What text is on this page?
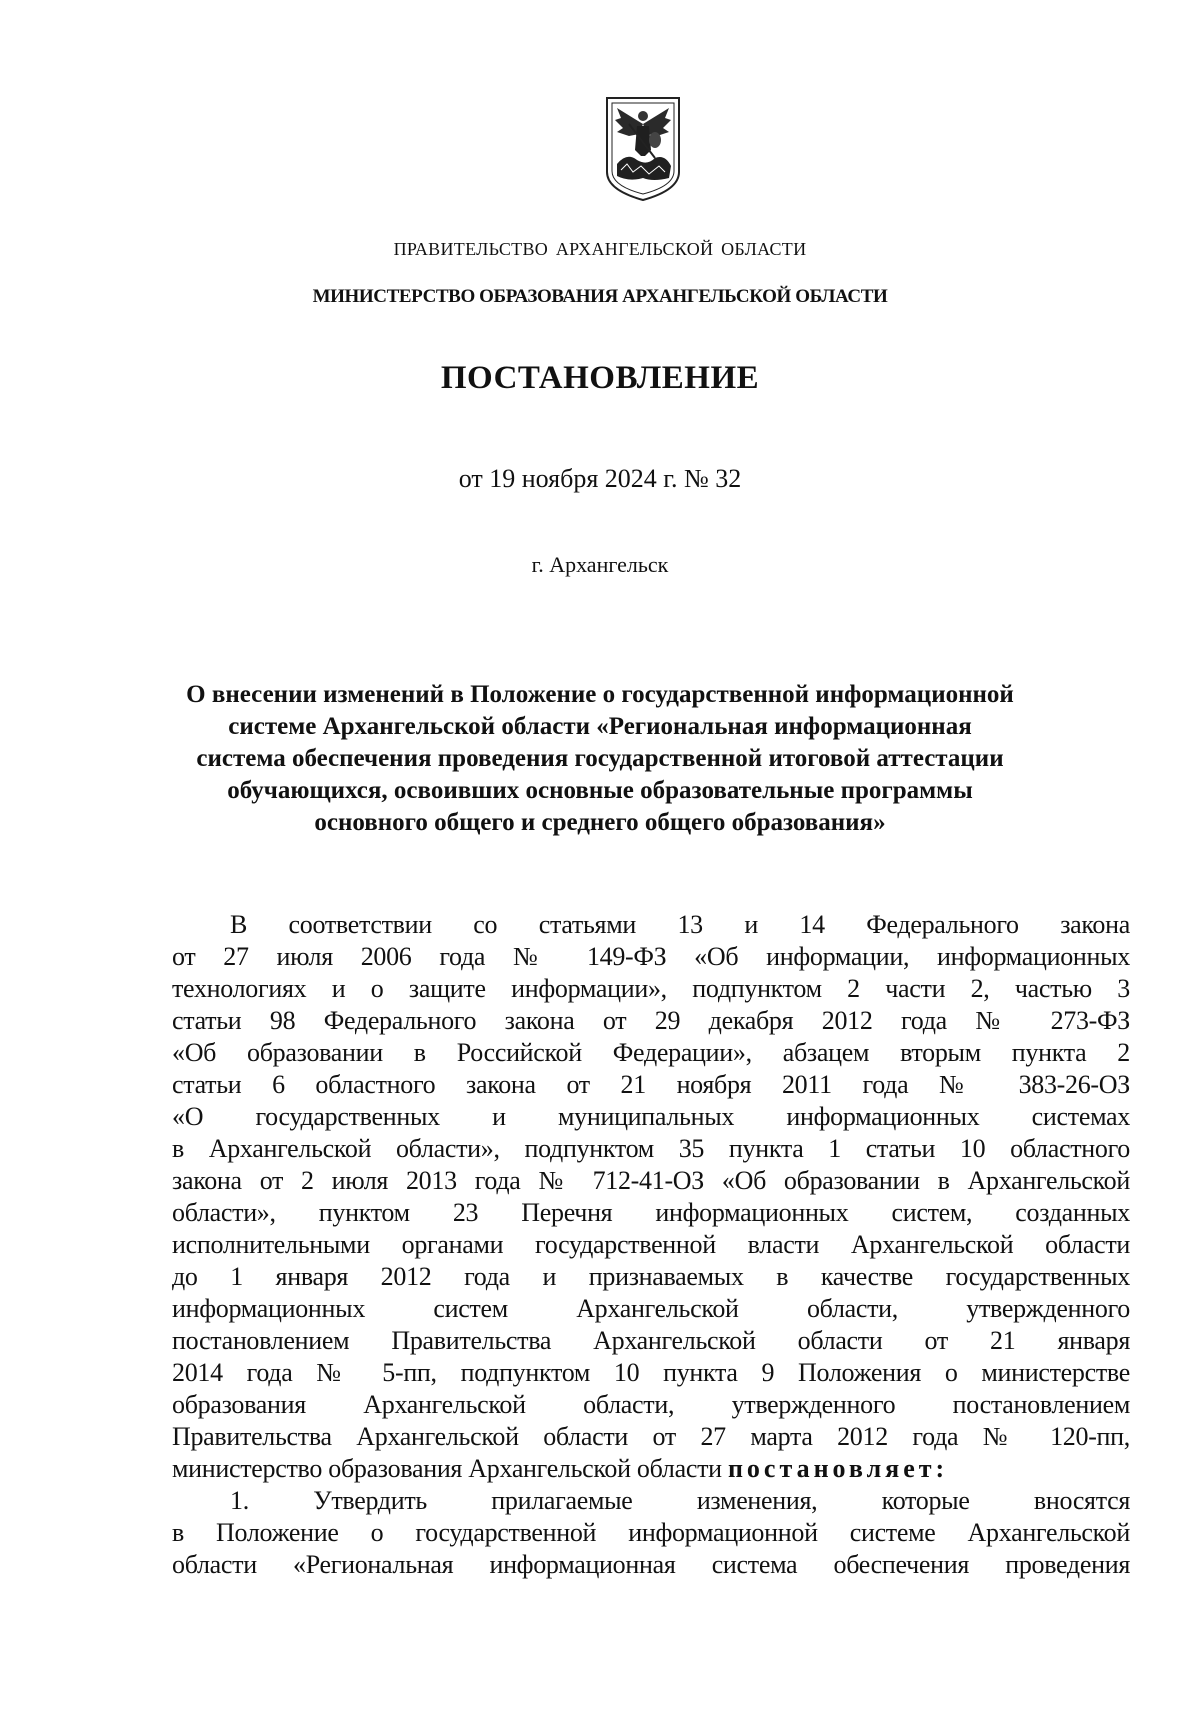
ПРАВИТЕЛЬСТВО АРХАНГЕЛЬСКОЙ ОБЛАСТИ
МИНИСТЕРСТВО ОБРАЗОВАНИЯ АРХАНГЕЛЬСКОЙ ОБЛАСТИ
ПОСТАНОВЛЕНИЕ
от 19 ноября 2024 г. № 32
г. Архангельск
О внесении изменений в Положение о государственной информационной
системе Архангельской области «Региональная информационная
система обеспечения проведения государственной итоговой аттестации
обучающихся, освоивших основные образовательные программы
основного общего и среднего общего образования»

В соответствии со статьями 13 и 14 Федерального закона
от 27 июля 2006 года № 149-ФЗ «Об информации, информационных
технологиях и о защите информации», подпунктом 2 части 2, частью 3
статьи 98 Федерального закона от 29 декабря 2012 года № 273-ФЗ
«Об образовании в Российской Федерации», абзацем вторым пункта 2
статьи 6 областного закона от 21 ноября 2011 года № 383-26-ОЗ
«О государственных и муниципальных информационных системах
в Архангельской области», подпунктом 35 пункта 1 статьи 10 областного
закона от 2 июля 2013 года № 712-41-ОЗ «Об образовании в Архангельской
области», пунктом 23 Перечня информационных систем, созданных
исполнительными органами государственной власти Архангельской области
до 1 января 2012 года и признаваемых в качестве государственных
информационных систем Архангельской области, утвержденного
постановлением Правительства Архангельской области от 21 января
2014 года № 5-пп, подпунктом 10 пункта 9 Положения о министерстве
образования Архангельской области, утвержденного постановлением
Правительства Архангельской области от 27 марта 2012 года № 120-пп,
министерство образования Архангельской области постановляет:

1. Утвердить прилагаемые изменения, которые вносятся
в Положение о государственной информационной системе Архангельской
области «Региональная информационная система обеспечения проведения
